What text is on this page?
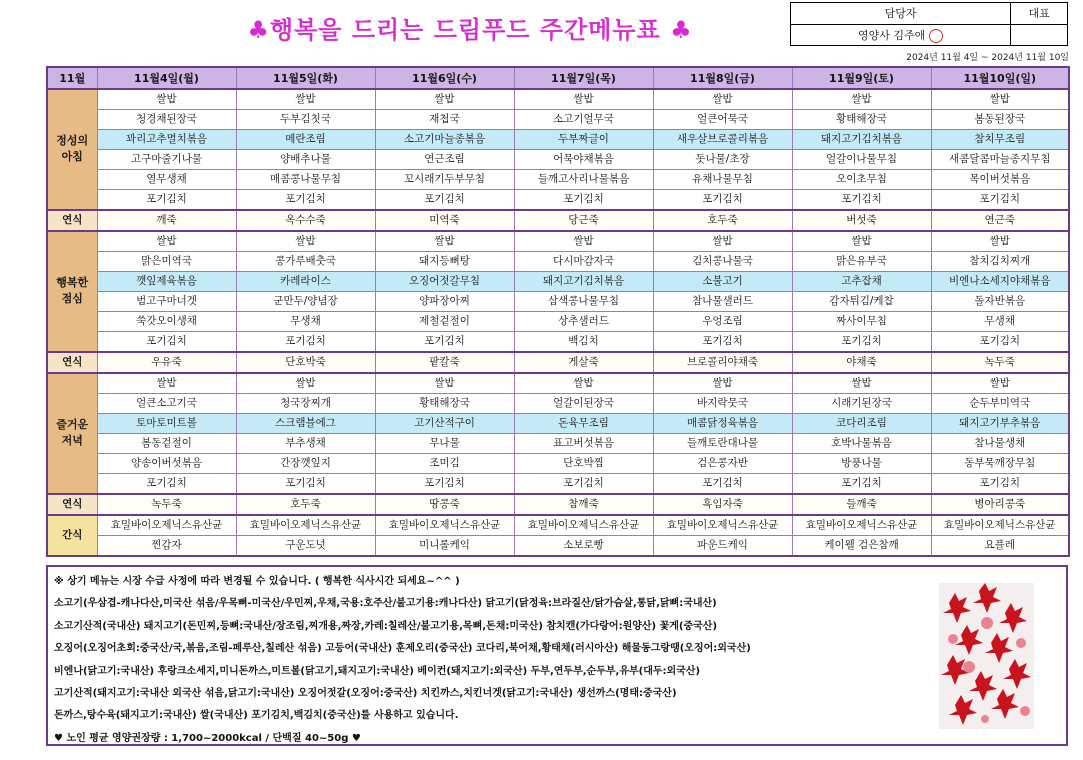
♣행복을 드리는 드림푸드 주간메뉴표 ♣
담당자	대표
영양사 김주애	
2024년 11월 4일 ~ 2024년 11월 10일
11월	11월4일(월)	11월5일(화)	11월6일(수)	11월7일(목)	11월8일(금)	11월9일(토)	11월10일(일)

정성의
아침	쌀밥	쌀밥	쌀밥	쌀밥	쌀밥	쌀밥	쌀밥
	청경채된장국	두부김칫국	재첩국	소고기얼무국	얼큰어묵국	황태해장국	봄동된장국
	꽈리고추멸치볶음	메란조림	소고기마늘종볶음	두부짜글이	새우살브로콜리볶음	돼지고기김치볶음	참치무조림
	고구마줄기나물	양배추나물	연근조림	어묵야채볶음	돗나물/초장	얼갈이나물무침	새콤달콤마늘종지무침
	열무생채	매콤콩나물무침	꼬시래기두부무침	들깨고사리나물볶음	유채나물무침	오이초무침	목이버섯볶음
	포기김치	포기김치	포기김치	포기김치	포기김치	포기김치	포기김치
연식	깨죽	옥수수죽	미역죽	당근죽	호두죽	버섯죽	연근죽

행복한
점심	쌀밥	쌀밥	쌀밥	쌀밥	쌀밥	쌀밥	쌀밥
	맑은미역국	콩가루배춧국	돼지등뼈탕	다시마감자국	김치콩나물국	맑은유부국	참치김치찌개
	깻잎제육볶음	카레라이스	오징어젓갈무침	돼지고기김치볶음	소불고기	고추잡채	비엔나소세지야채볶음
	범고구마너겟	군만두/양념장	양파장아찌	삼색콩나물무침	참나물샐러드	감자튀김/케찹	돌자반볶음
	쑥갓오이생채	무생채	제철겉절이	상추샐러드	우엉조림	짜사이무침	무생채
	포기김치	포기김치	포기김치	백김치	포기김치	포기김치	포기김치
연식	우유죽	단호박죽	팥칼죽	게살죽	브로콜리야채죽	야채죽	녹두죽

즐거운
저녁	쌀밥	쌀밥	쌀밥	쌀밥	쌀밥	쌀밥	쌀밥
	얼큰소고기국	청국장찌개	황태해장국	얼갈이된장국	바지락뭇국	시래기된장국	순두부미역국
	토마토미트볼	스크램블에그	고기산적구이	돈육무조림	매콤닭정육볶음	코다리조림	돼지고기부추볶음
	봄동겉절이	부추생채	무나물	표고버섯볶음	들깨토란대나물	호박나물볶음	참나물생채
	양송이버섯볶음	간장깻잎지	조미김	단호박찜	검은콩자반	방풍나물	동부묵깨장무침
	포기김치	포기김치	포기김치	포기김치	포기김치	포기김치	포기김치
연식	녹두죽	호두죽	땅콩죽	참깨죽	흑임자죽	들깨죽	병아리콩죽
간식	효밀바이오제닉스유산균	효밀바이오제닉스유산균	효밀바이오제닉스유산균	효밀바이오제닉스유산균	효밀바이오제닉스유산균	효밀바이오제닉스유산균	효밀바이오제닉스유산균
	찐감자	구운도넛	미니롤케익	소보로빵	파운드케익	케이웰 검은참깨	요플레

※ 상기 메뉴는 시장 수급 사정에 따라 변경될 수 있습니다. ( 행복한 식사시간 되세요~^^ )

소고기(우삼겹-캐나다산,미국산 섞음/우목뼈-미국산/우민찌,우채,국용:호주산/불고기용:캐나다산) 닭고기(닭정육:브라질산/닭가슴살,통닭,닭뼈:국내산)

소고기산적(국내산) 돼지고기(돈민찌,등뼈:국내산/장조림,찌개용,짜장,카레:칠레산/불고기용,목뼈,돈채:미국산) 참치캔(가다랑어:원양산) 꽃게(중국산)

오징어(오징어초회:중국산/국,볶음,조림-페루산,칠레산 섞음) 고등어(국내산) 훈제오리(중국산) 코다리,북어채,황태채(러시아산) 해물동그랑땡(오징어:외국산)

비엔나(닭고기:국내산) 후랑크소세지,미니돈까스,미트볼(닭고기,돼지고기:국내산) 베이컨(돼지고기:외국산) 두부,연두부,순두부,유부(대두:외국산)

고기산적(돼지고기:국내산 외국산 섞음,닭고기:국내산) 오징어젓갈(오징어:중국산) 치킨까스,치킨너겟(닭고기:국내산) 생선까스(명태:중국산)

돈까스,탕수육(돼지고기:국내산) 쌀(국내산) 포기김치,백김치(중국산)를 사용하고 있습니다.

♥ 노인 평균 영양권장량 : 1,700~2000kcal / 단백질 40~50g ♥
